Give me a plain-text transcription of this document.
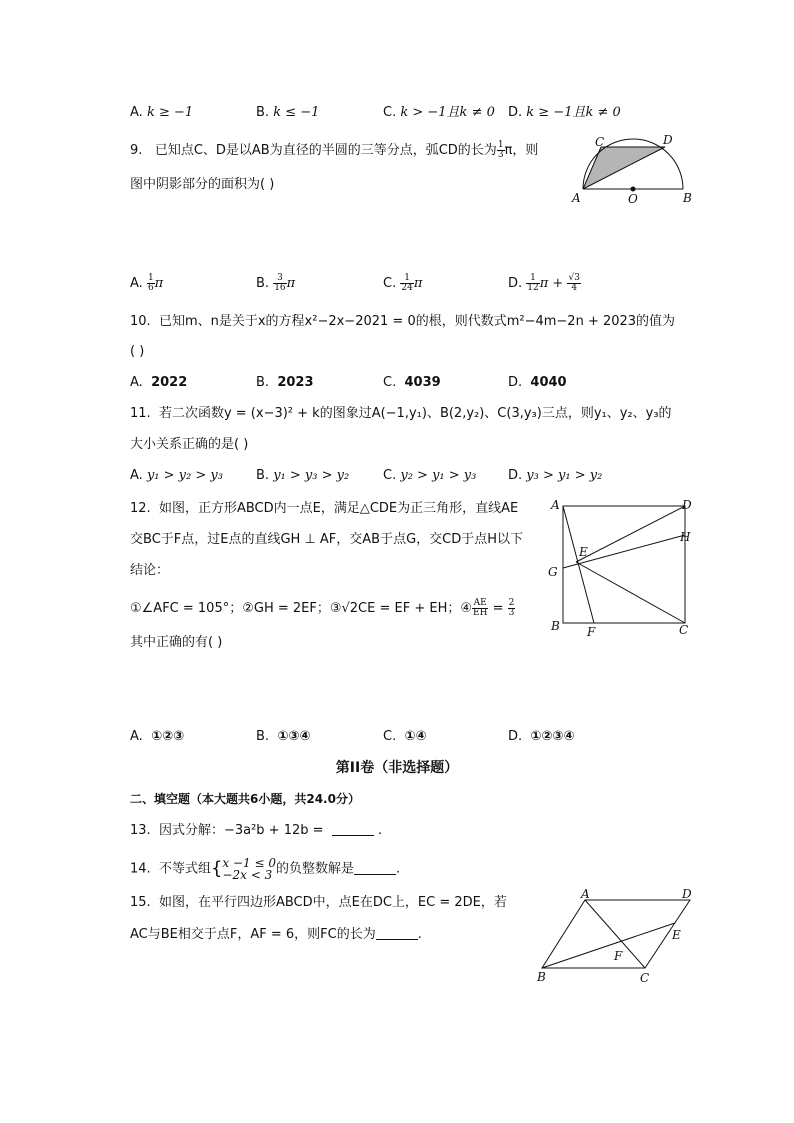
A. k ≥ −1	B. k ≤ −1	C. k > −1且k ≠ 0 D. k ≥ −1且k ≠ 0
9. 已知点C、D是以AB为直径的半圆的三等分点，弧CD的长为 $\frac{1}{3}$ π，则
图中阴影部分的面积为( )
A	B
C	D
O
A. $\frac{1}{6}$ π	B. $\frac{3}{16}$ π	C. $\frac{1}{24}$ π	D. $\frac{1}{12}$ $\pi + \frac{√3}{4}$
10. 已知m、n是关于x的方程x²−2x−2021 = 0的根，则代数式m²−4m−2n + 2023的值为
( )
A. 2022	B. 2023	C. 4039	D. 4040
11. 若二次函数y = (x−3)² + k的图象过A(−1,y₁)、B(2,y₂)、C(3,y₃)三点，则y₁、y₂、y₃的
大小关系正确的是( )
A. y₁ > y₂ > y₃	B. y₁ > y₃ > y₂	C. y₂ > y₁ > y₃ D. y₃ > y₁ > y₂
12. 如图，正方形ABCD内一点E，满足△CDE为正三角形，直线AE
交BC于F点，过E点的直线GH ⊥ AF，交AB于点G，交CD于点H以下
结论：
①∠AFC = 105°；②GH = 2EF；③√2CE = EF + EH；④ $\frac{AE}{EH} = \frac{2}{3}$
其中正确的有( )
A	D
H
E
G
B F	C
A. ①②③	B. ①③④	C. ①④	D. ①②③④
第II卷（非选择题）
二、填空题（本大题共6小题，共24.0分）
13. 因式分解：−3a²b + 12b =	.
14. 不等式组{ x −1 ≤ 0
−2x < 3 的负整数解是	.
15. 如图，在平行四边形ABCD中，点E在DC上，EC = 2DE，若
AC与BE相交于点F，AF = 6，则FC的长为	.
A	D
E
F
B	C
